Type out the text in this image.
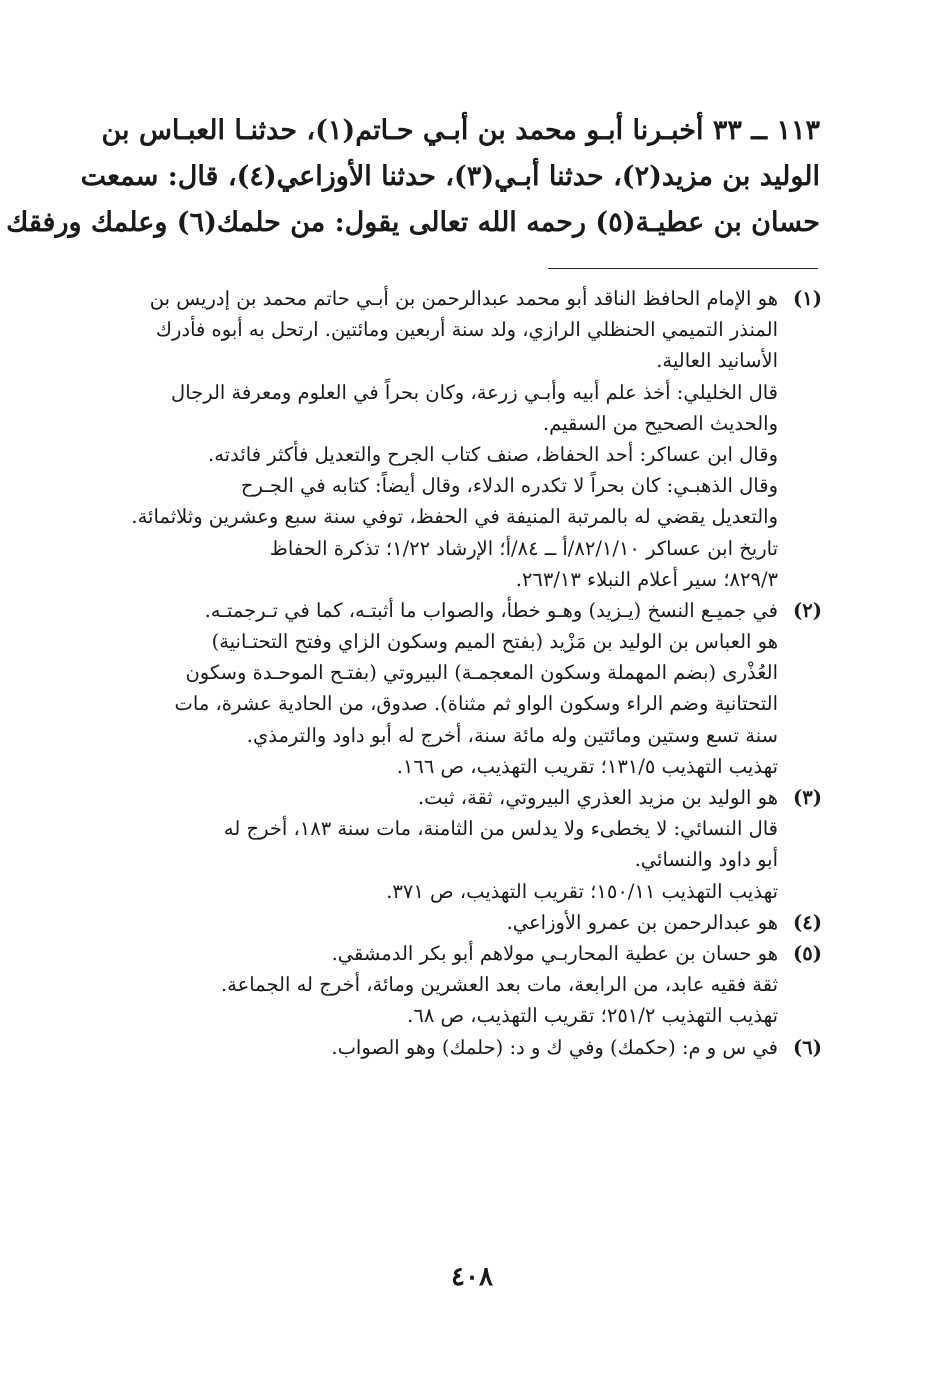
١١٣ ــ ٣٣ أخبـرنا أبـو محمد بن أبـي حـاتم(١)، حدثنـا العبـاس بن
الوليد بن مزيد(٢)، حدثنا أبـي(٣)، حدثنا الأوزاعي(٤)، قال: سمعت
حسان بن عطيـة(٥) رحمه الله تعالى يقول: من حلمك(٦) وعلمك ورفقك
(١)هو الإمام الحافظ الناقد أبو محمد عبدالرحمن بن أبـي حاتم محمد بن إدريس بن
المنذر التميمي الحنظلي الرازي، ولد سنة أربعين ومائتين. ارتحل به أبوه فأدرك
الأسانيد العالية.
قال الخليلي: أخذ علم أبيه وأبـي زرعة، وكان بحراً في العلوم ومعرفة الرجال
والحديث الصحيح من السقيم.
وقال ابن عساكر: أحد الحفاظ، صنف كتاب الجرح والتعديل فأكثر فائدته.
وقال الذهبـي: كان بحراً لا تكدره الدلاء، وقال أيضاً: كتابه في الجـرح
والتعديل يقضي له بالمرتبة المنيفة في الحفظ، توفي سنة سبع وعشرين وثلاثمائة.
تاريخ ابن عساكر ٨٢/١/١٠/أ ــ ٨٤/أ؛ الإرشاد ١/٢٢؛ تذكرة الحفاظ
٨٢٩/٣؛ سير أعلام النبلاء ٢٦٣/١٣.
(٢)في جميـع النسخ (يـزيد) وهـو خطأ، والصواب ما أثبتـه، كما في تـرجمتـه.
هو العباس بن الوليد بن مَزْيد (بفتح الميم وسكون الزاي وفتح التحتـانية)
العُذْرى (بضم المهملة وسكون المعجمـة) البيروتي (بفتـح الموحـدة وسكون
التحتانية وضم الراء وسكون الواو ثم مثناة). صدوق، من الحادية عشرة، مات
سنة تسع وستين ومائتين وله مائة سنة، أخرج له أبو داود والترمذي.
تهذيب التهذيب ١٣١/٥؛ تقريب التهذيب، ص ١٦٦.
(٣)هو الوليد بن مزيد العذري البيروتي، ثقة، ثبت.
قال النسائي: لا يخطىء ولا يدلس من الثامنة، مات سنة ١٨٣، أخرج له
أبو داود والنسائي.
تهذيب التهذيب ١٥٠/١١؛ تقريب التهذيب، ص ٣٧١.
(٤)هو عبدالرحمن بن عمرو الأوزاعي.
(٥)هو حسان بن عطية المحاربـي مولاهم أبو بكر الدمشقي.
ثقة فقيه عابد، من الرابعة، مات بعد العشرين ومائة، أخرج له الجماعة.
تهذيب التهذيب ٢٥١/٢؛ تقريب التهذيب، ص ٦٨.
(٦)في س و م: (حكمك) وفي ك و د: (حلمك) وهو الصواب.
٤٠٨
